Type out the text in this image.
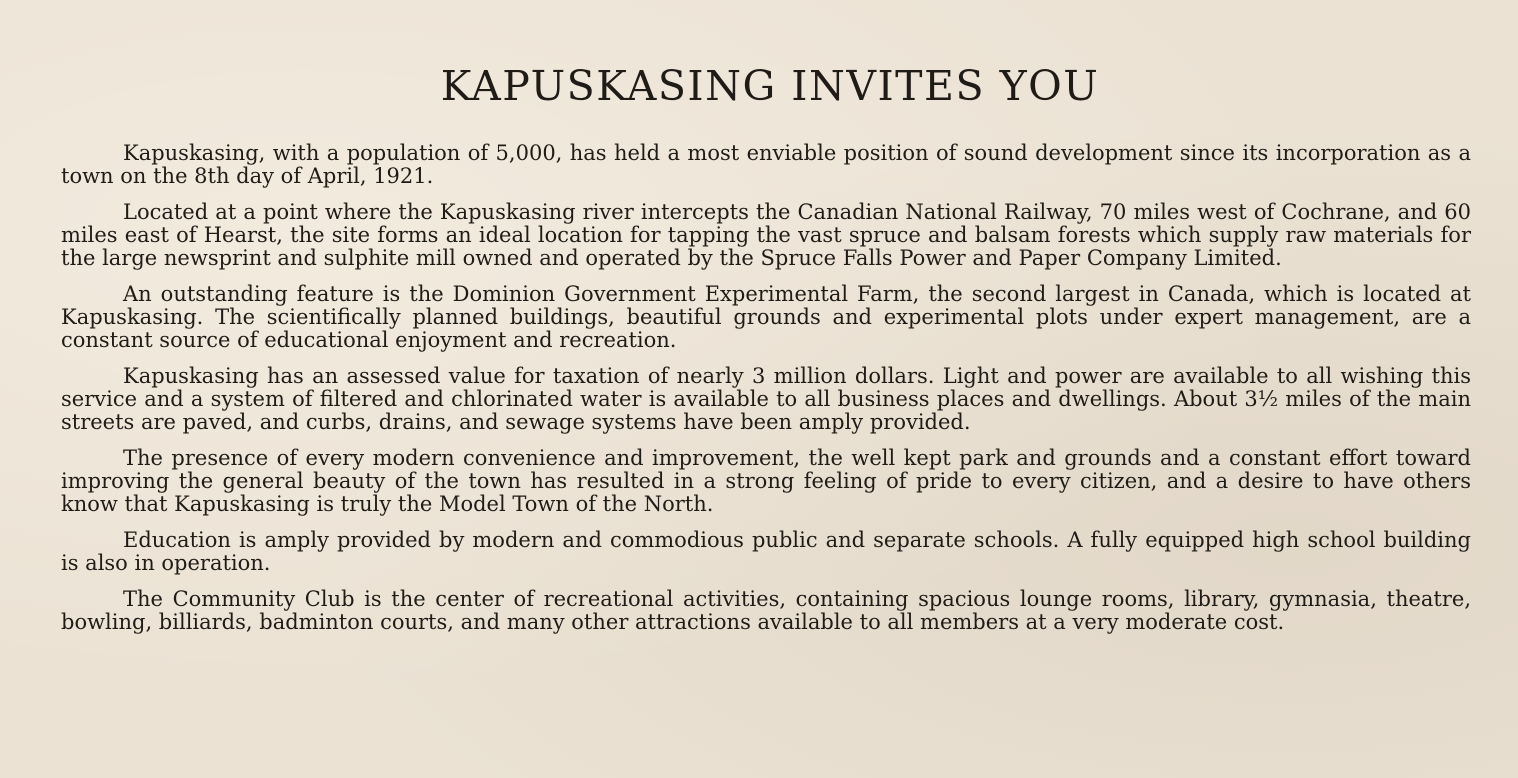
KAPUSKASING INVITES YOU

Kapuskasing, with a population of 5,000, has held a most enviable position of sound development since its incorporation as a town on the 8th day of April, 1921.

Located at a point where the Kapuskasing river intercepts the Canadian National Railway, 70 miles west of Cochrane, and 60 miles east of Hearst, the site forms an ideal location for tapping the vast spruce and balsam forests which supply raw materials for the large newsprint and sulphite mill owned and operated by the Spruce Falls Power and Paper Company Limited.

An outstanding feature is the Dominion Government Experimental Farm, the second largest in Canada, which is located at Kapuskasing. The scientifically planned buildings, beautiful grounds and experimental plots under expert management, are a constant source of educational enjoyment and recreation.

Kapuskasing has an assessed value for taxation of nearly 3 million dollars. Light and power are available to all wishing this service and a system of filtered and chlorinated water is available to all business places and dwellings. About 3½ miles of the main streets are paved, and curbs, drains, and sewage systems have been amply provided.

The presence of every modern convenience and improvement, the well kept park and grounds and a constant effort toward improving the general beauty of the town has resulted in a strong feeling of pride to every citizen, and a desire to have others know that Kapuskasing is truly the Model Town of the North.

Education is amply provided by modern and commodious public and separate schools. A fully equipped high school building is also in operation.

The Community Club is the center of recreational activities, containing spacious lounge rooms, library, gymnasia, theatre, bowling, billiards, badminton courts, and many other attractions available to all members at a very moderate cost.
